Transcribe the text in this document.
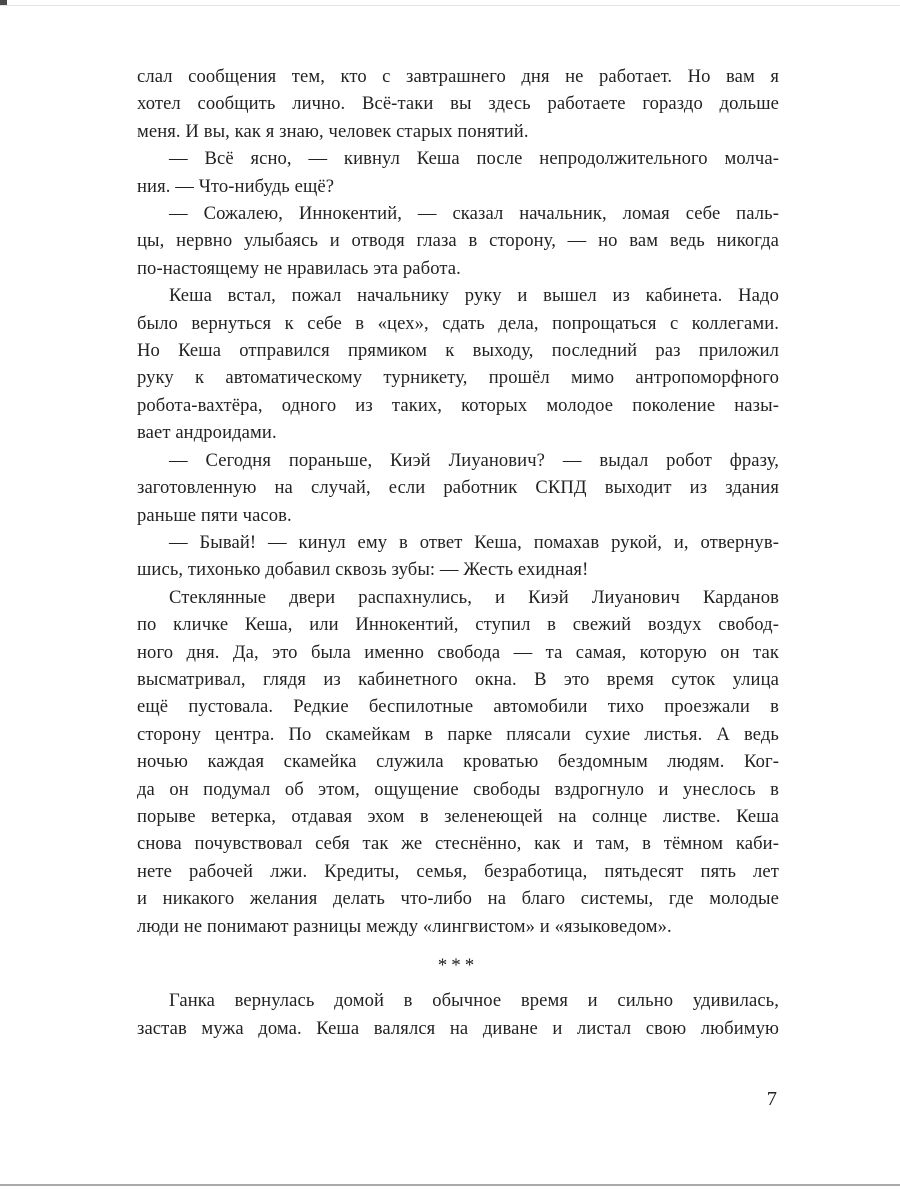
слал сообщения тем, кто с завтрашнего дня не работает. Но вам я
хотел сообщить лично. Всё-таки вы здесь работаете гораздо дольше
меня. И вы, как я знаю, человек старых понятий.
— Всё ясно, — кивнул Кеша после непродолжительного молча-
ния. — Что-нибудь ещё?
— Сожалею, Иннокентий, — сказал начальник, ломая себе паль-
цы, нервно улыбаясь и отводя глаза в сторону, — но вам ведь никогда
по-настоящему не нравилась эта работа.
Кеша встал, пожал начальнику руку и вышел из кабинета. Надо
было вернуться к себе в «цех», сдать дела, попрощаться с коллегами.
Но Кеша отправился прямиком к выходу, последний раз приложил
руку к автоматическому турникету, прошёл мимо антропоморфного
робота-вахтёра, одного из таких, которых молодое поколение назы-
вает андроидами.
— Сегодня пораньше, Киэй Лиуанович? — выдал робот фразу,
заготовленную на случай, если работник СКПД выходит из здания
раньше пяти часов.
— Бывай! — кинул ему в ответ Кеша, помахав рукой, и, отвернув-
шись, тихонько добавил сквозь зубы: — Жесть ехидная!
Стеклянные двери распахнулись, и Киэй Лиуанович Карданов
по кличке Кеша, или Иннокентий, ступил в свежий воздух свобод-
ного дня. Да, это была именно свобода — та самая, которую он так
высматривал, глядя из кабинетного окна. В это время суток улица
ещё пустовала. Редкие беспилотные автомобили тихо проезжали в
сторону центра. По скамейкам в парке плясали сухие листья. А ведь
ночью каждая скамейка служила кроватью бездомным людям. Ког-
да он подумал об этом, ощущение свободы вздрогнуло и унеслось в
порыве ветерка, отдавая эхом в зеленеющей на солнце листве. Кеша
снова почувствовал себя так же стеснённо, как и там, в тёмном каби-
нете рабочей лжи. Кредиты, семья, безработица, пятьдесят пять лет
и никакого желания делать что-либо на благо системы, где молодые
люди не понимают разницы между «лингвистом» и «языковедом».
***
Ганка вернулась домой в обычное время и сильно удивилась,
застав мужа дома. Кеша валялся на диване и листал свою любимую
7
